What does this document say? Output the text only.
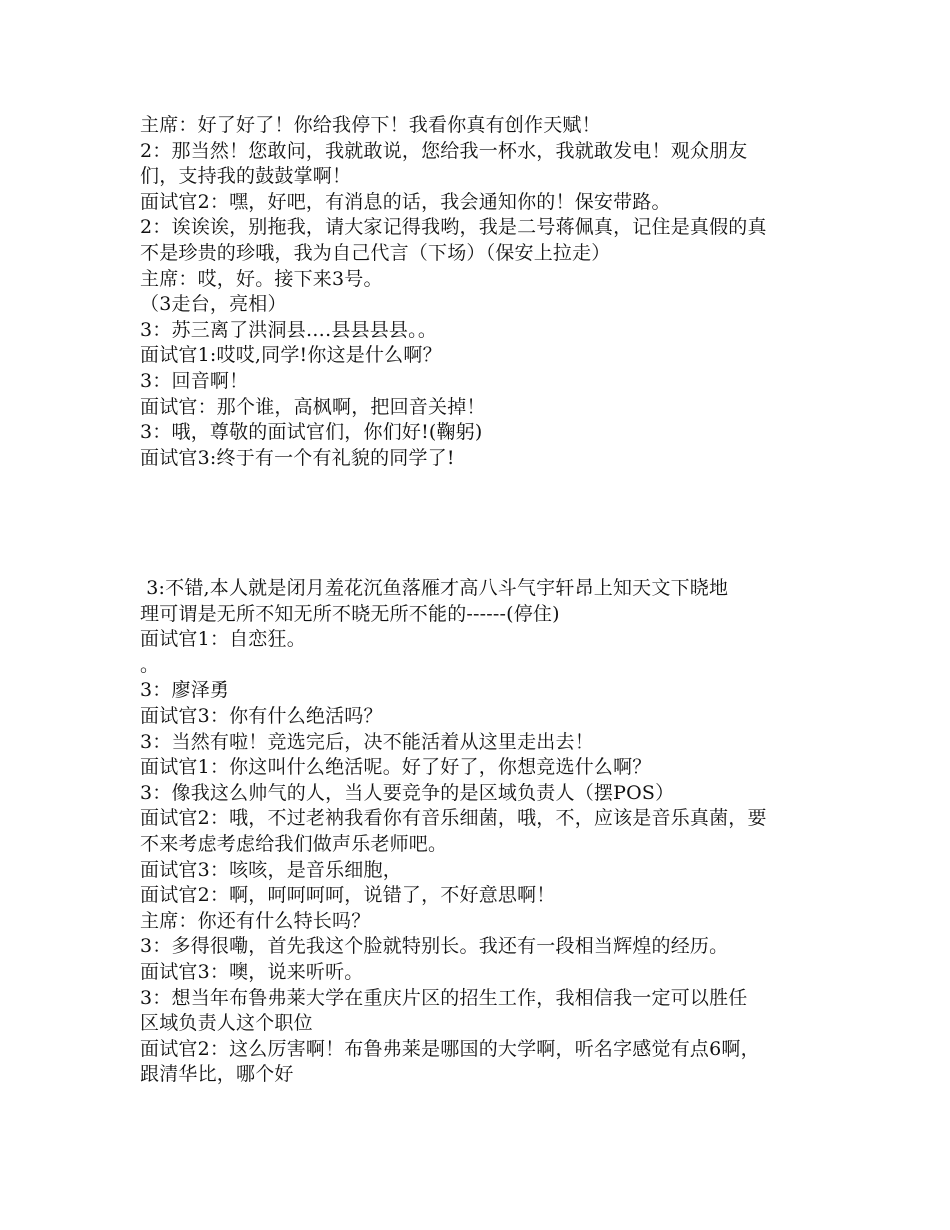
主席：好了好了！你给我停下！我看你真有创作天赋！
2：那当然！您敢问，我就敢说，您给我一杯水，我就敢发电！观众朋友
们，支持我的鼓鼓掌啊！
面试官2：嘿，好吧，有消息的话，我会通知你的！保安带路。
2：诶诶诶，别拖我，请大家记得我哟，我是二号蒋佩真，记住是真假的真
不是珍贵的珍哦，我为自己代言（下场）（保安上拉走）
主席：哎，好。接下来3号。
（3走台，亮相）
3：苏三离了洪洞县….县县县县。。
面试官1:哎哎,同学!你这是什么啊？
3：回音啊！
面试官：那个谁，高枫啊，把回音关掉！
3：哦，尊敬的面试官们，你们好!(鞠躬)
面试官3:终于有一个有礼貌的同学了!
3:不错,本人就是闭月羞花沉鱼落雁才高八斗气宇轩昂上知天文下晓地
理可谓是无所不知无所不晓无所不能的------(停住)
面试官1：自恋狂。
。
3：廖泽勇
面试官3：你有什么绝活吗？
3：当然有啦！竞选完后，决不能活着从这里走出去！
面试官1：你这叫什么绝活呢。好了好了，你想竞选什么啊？
3：像我这么帅气的人，当人要竞争的是区域负责人（摆POS）
面试官2：哦，不过老衲我看你有音乐细菌，哦，不，应该是音乐真菌，要
不来考虑考虑给我们做声乐老师吧。
面试官3：咳咳，是音乐细胞，
面试官2：啊，呵呵呵呵，说错了，不好意思啊！
主席：你还有什么特长吗？
3：多得很嘞，首先我这个脸就特别长。我还有一段相当辉煌的经历。
面试官3：噢，说来听听。
3：想当年布鲁弗莱大学在重庆片区的招生工作，我相信我一定可以胜任
区域负责人这个职位
面试官2：这么厉害啊！布鲁弗莱是哪国的大学啊，听名字感觉有点6啊，
跟清华比，哪个好
